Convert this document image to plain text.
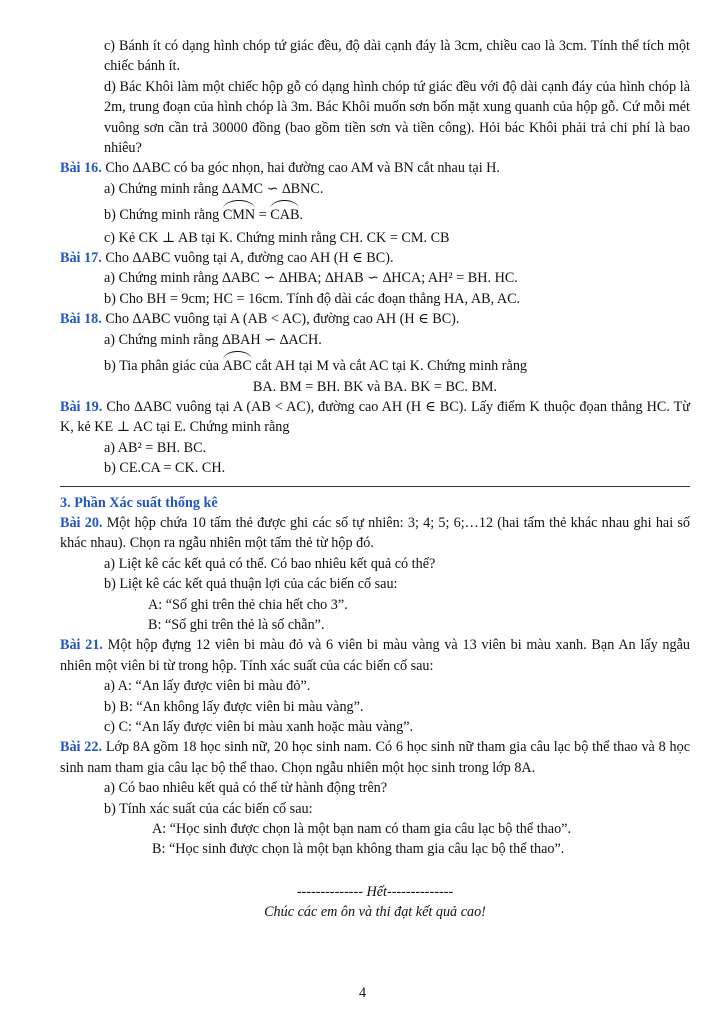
c) Bánh ít có dạng hình chóp tứ giác đều, độ dài cạnh đáy là 3cm, chiều cao là 3cm. Tính thể tích một chiếc bánh ít.

d) Bác Khôi làm một chiếc hộp gỗ có dạng hình chóp tứ giác đều với độ dài cạnh đáy của hình chóp là 2m, trung đoạn của hình chóp là 3m. Bác Khôi muốn sơn bốn mặt xung quanh của hộp gỗ. Cứ mỗi mét vuông sơn cần trả 30000 đồng (bao gồm tiền sơn và tiền công). Hỏi bác Khôi phải trả chi phí là bao nhiêu?

Bài 16. Cho ∆ABC có ba góc nhọn, hai đường cao AM và BN cắt nhau tại H.

a) Chứng minh rằng ∆AMC ∽ ∆BNC.

b) Chứng minh rằng CMN = CAB.

c) Kẻ CK ⊥ AB tại K. Chứng minh rằng CH. CK = CM. CB

Bài 17. Cho ∆ABC vuông tại A, đường cao AH (H ∈ BC).

a) Chứng minh rằng ∆ABC ∽ ∆HBA; ∆HAB ∽ ∆HCA; AH² = BH. HC.

b) Cho BH = 9cm; HC = 16cm. Tính độ dài các đoạn thẳng HA, AB, AC.

Bài 18. Cho ∆ABC vuông tại A (AB < AC), đường cao AH (H ∈ BC).

a) Chứng minh rằng ∆BAH ∽ ∆ACH.

b) Tia phân giác của ABC cắt AH tại M và cắt AC tại K. Chứng minh rằng

BA. BM = BH. BK và BA. BK = BC. BM.

Bài 19. Cho ∆ABC vuông tại A (AB < AC), đường cao AH (H ∈ BC). Lấy điểm K thuộc đọan thẳng HC. Từ K, kẻ KE ⊥ AC tại E. Chứng minh rằng

a) AB² = BH. BC.

b) CE.CA = CK. CH.

3. Phần Xác suất thống kê

Bài 20. Một hộp chứa 10 tấm thẻ được ghi các số tự nhiên: 3; 4; 5; 6;…12 (hai tấm thẻ khác nhau ghi hai số khác nhau). Chọn ra ngẫu nhiên một tấm thẻ từ hộp đó.

a) Liệt kê các kết quả có thể. Có bao nhiêu kết quả có thể?

b) Liệt kê các kết quả thuận lợi của các biến cố sau:

A: “Số ghi trên thẻ chia hết cho 3”.

B: “Số ghi trên thẻ là số chẵn”.

Bài 21. Một hộp đựng 12 viên bi màu đỏ và 6 viên bi màu vàng và 13 viên bi màu xanh. Bạn An lấy ngẫu nhiên một viên bi từ trong hộp. Tính xác suất của các biến cố sau:

a) A: “An lấy được viên bi màu đỏ”.

b) B: “An không lấy được viên bi màu vàng”.

c) C: “An lấy được viên bi màu xanh hoặc màu vàng”.

Bài 22. Lớp 8A gồm 18 học sinh nữ, 20 học sinh nam. Có 6 học sinh nữ tham gia câu lạc bộ thể thao và 8 học sinh nam tham gia câu lạc bộ thể thao. Chọn ngẫu nhiên một học sinh trong lớp 8A.

a) Có bao nhiêu kết quả có thể từ hành động trên?

b) Tính xác suất của các biến cố sau:

A: “Học sinh được chọn là một bạn nam có tham gia câu lạc bộ thể thao”.

B: “Học sinh được chọn là một bạn không tham gia câu lạc bộ thể thao”.

-------------- Hết--------------

Chúc các em ôn và thi đạt kết quả cao!

4
